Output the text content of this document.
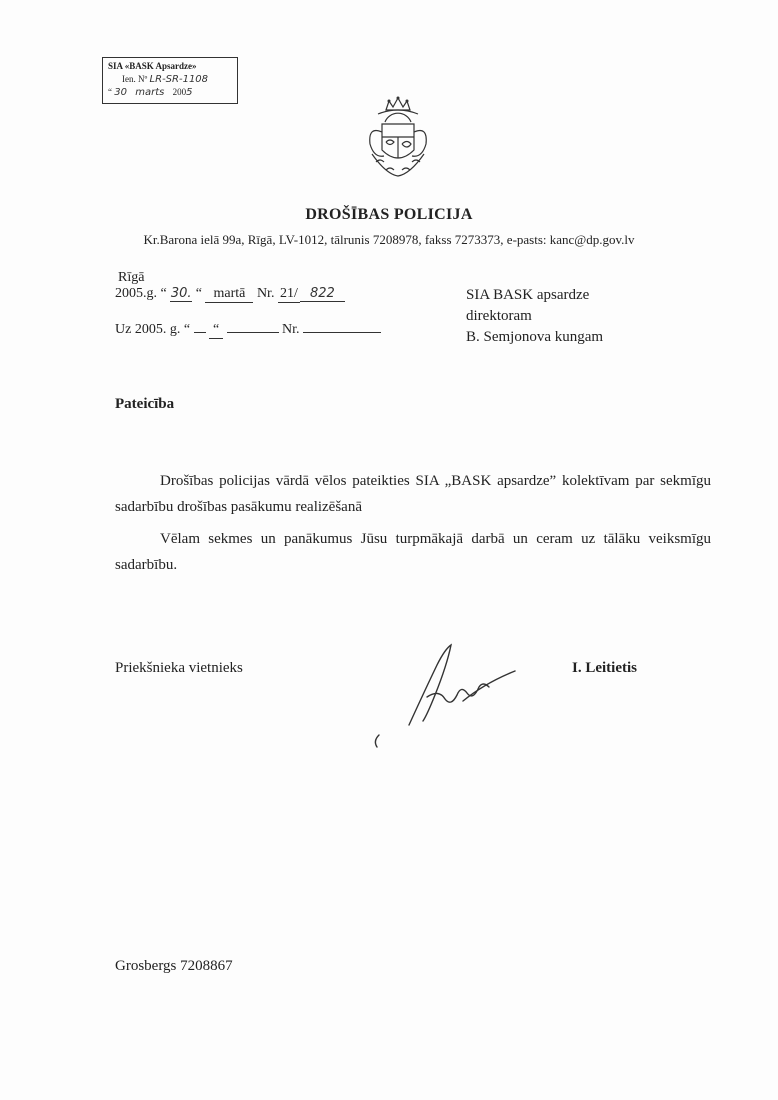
SIA «BASK Apsardze»
Ien. Nº LR-SR-1108
“ 30 marts 2005
DROŠĪBAS POLICIJA
Kr.Barona ielā 99a, Rīgā, LV-1012, tālrunis 7208978, fakss 7273373, e-pasts: kanc@dp.gov.lv
Rīgā
2005.g. “ 30. “ martā Nr. 21/ 822
Uz 2005. g. “ “	Nr.
SIA BASK apsardze
direktoram
B. Semjonova kungam
Pateicība
Drošības policijas vārdā vēlos pateikties SIA „BASK apsardze” kolektīvam par sekmīgu sadarbību drošības pasākumu realizēšanā
Vēlam sekmes un panākumus Jūsu turpmākajā darbā un ceram uz tālāku veiksmīgu sadarbību.
Priekšnieka vietnieks	I. Leitietis
Grosbergs 7208867
